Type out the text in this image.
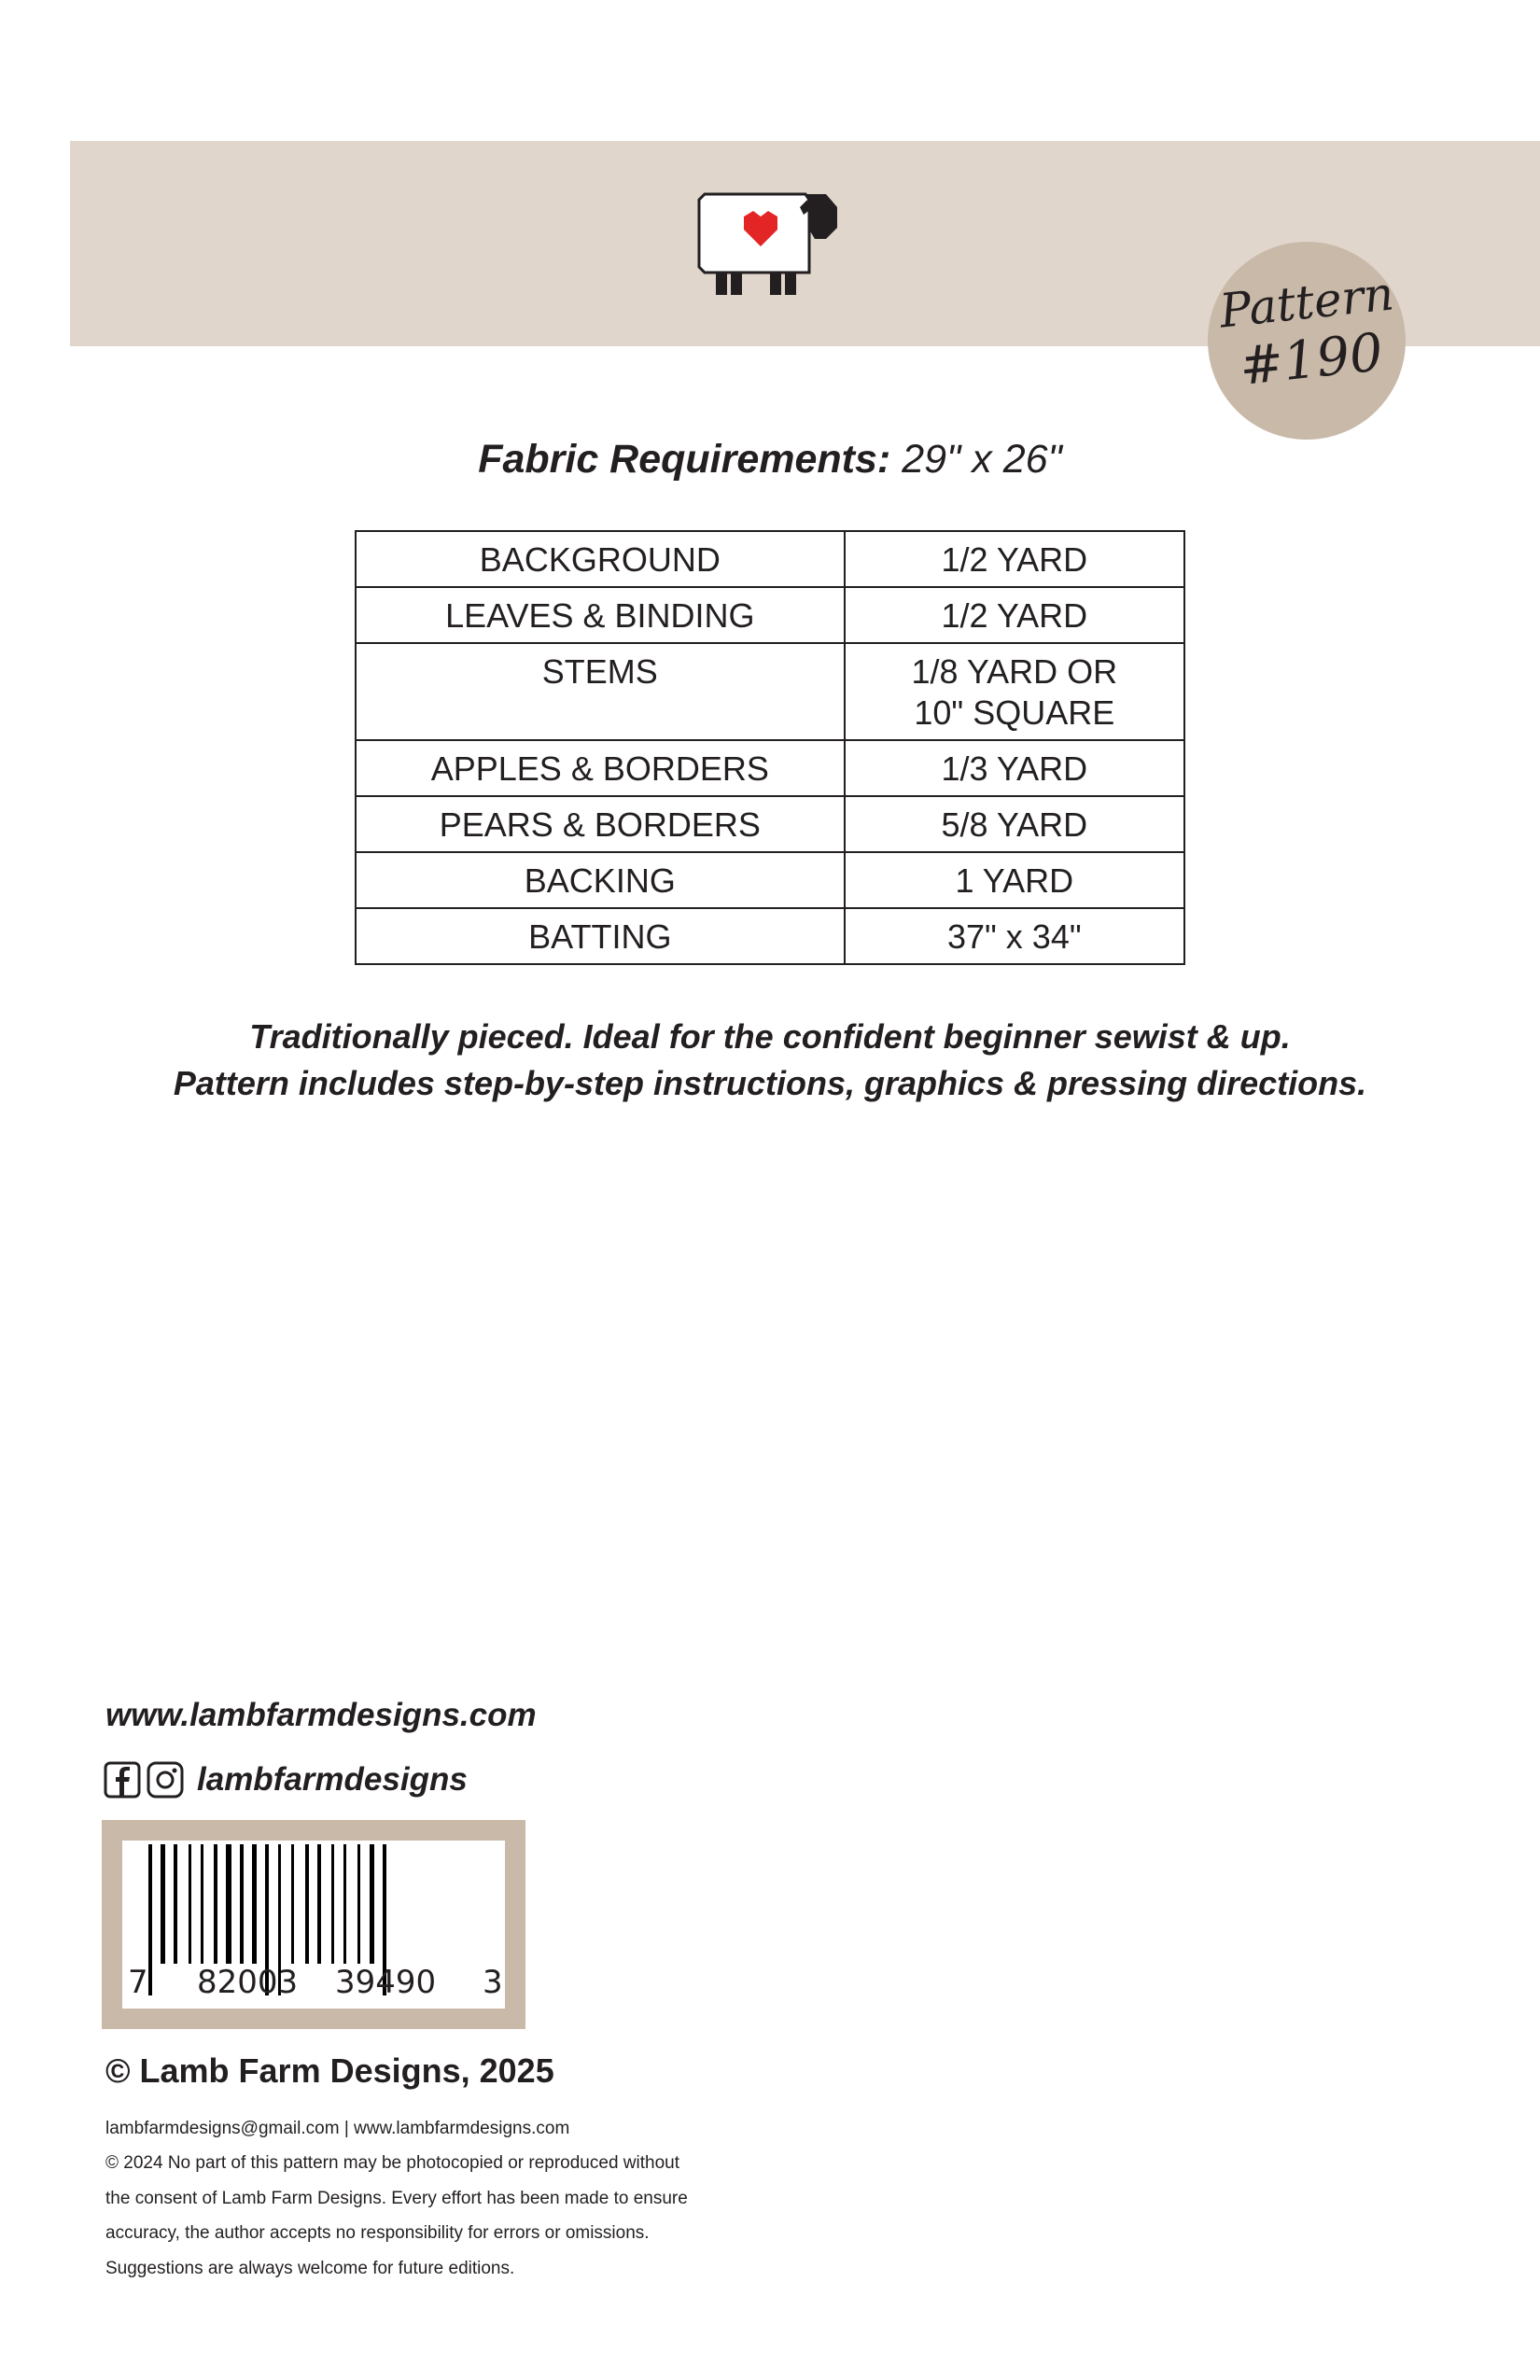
Pattern
#190
Fabric Requirements: 29" x 26"
BACKGROUND	1/2 YARD
LEAVES & BINDING	1/2 YARD
STEMS	1/8 YARD OR
10" SQUARE
APPLES & BORDERS	1/3 YARD
PEARS & BORDERS	5/8 YARD
BACKING	1 YARD
BATTING	37" x 34"
Traditionally pieced. Ideal for the confident beginner sewist & up.
Pattern includes step-by-step instructions, graphics & pressing directions.
www.lambfarmdesigns.com
lambfarmdesigns
7 82003 39490 3
© Lamb Farm Designs, 2025
lambfarmdesigns@gmail.com | www.lambfarmdesigns.com
© 2024 No part of this pattern may be photocopied or reproduced without
the consent of Lamb Farm Designs. Every effort has been made to ensure
accuracy, the author accepts no responsibility for errors or omissions.
Suggestions are always welcome for future editions.
